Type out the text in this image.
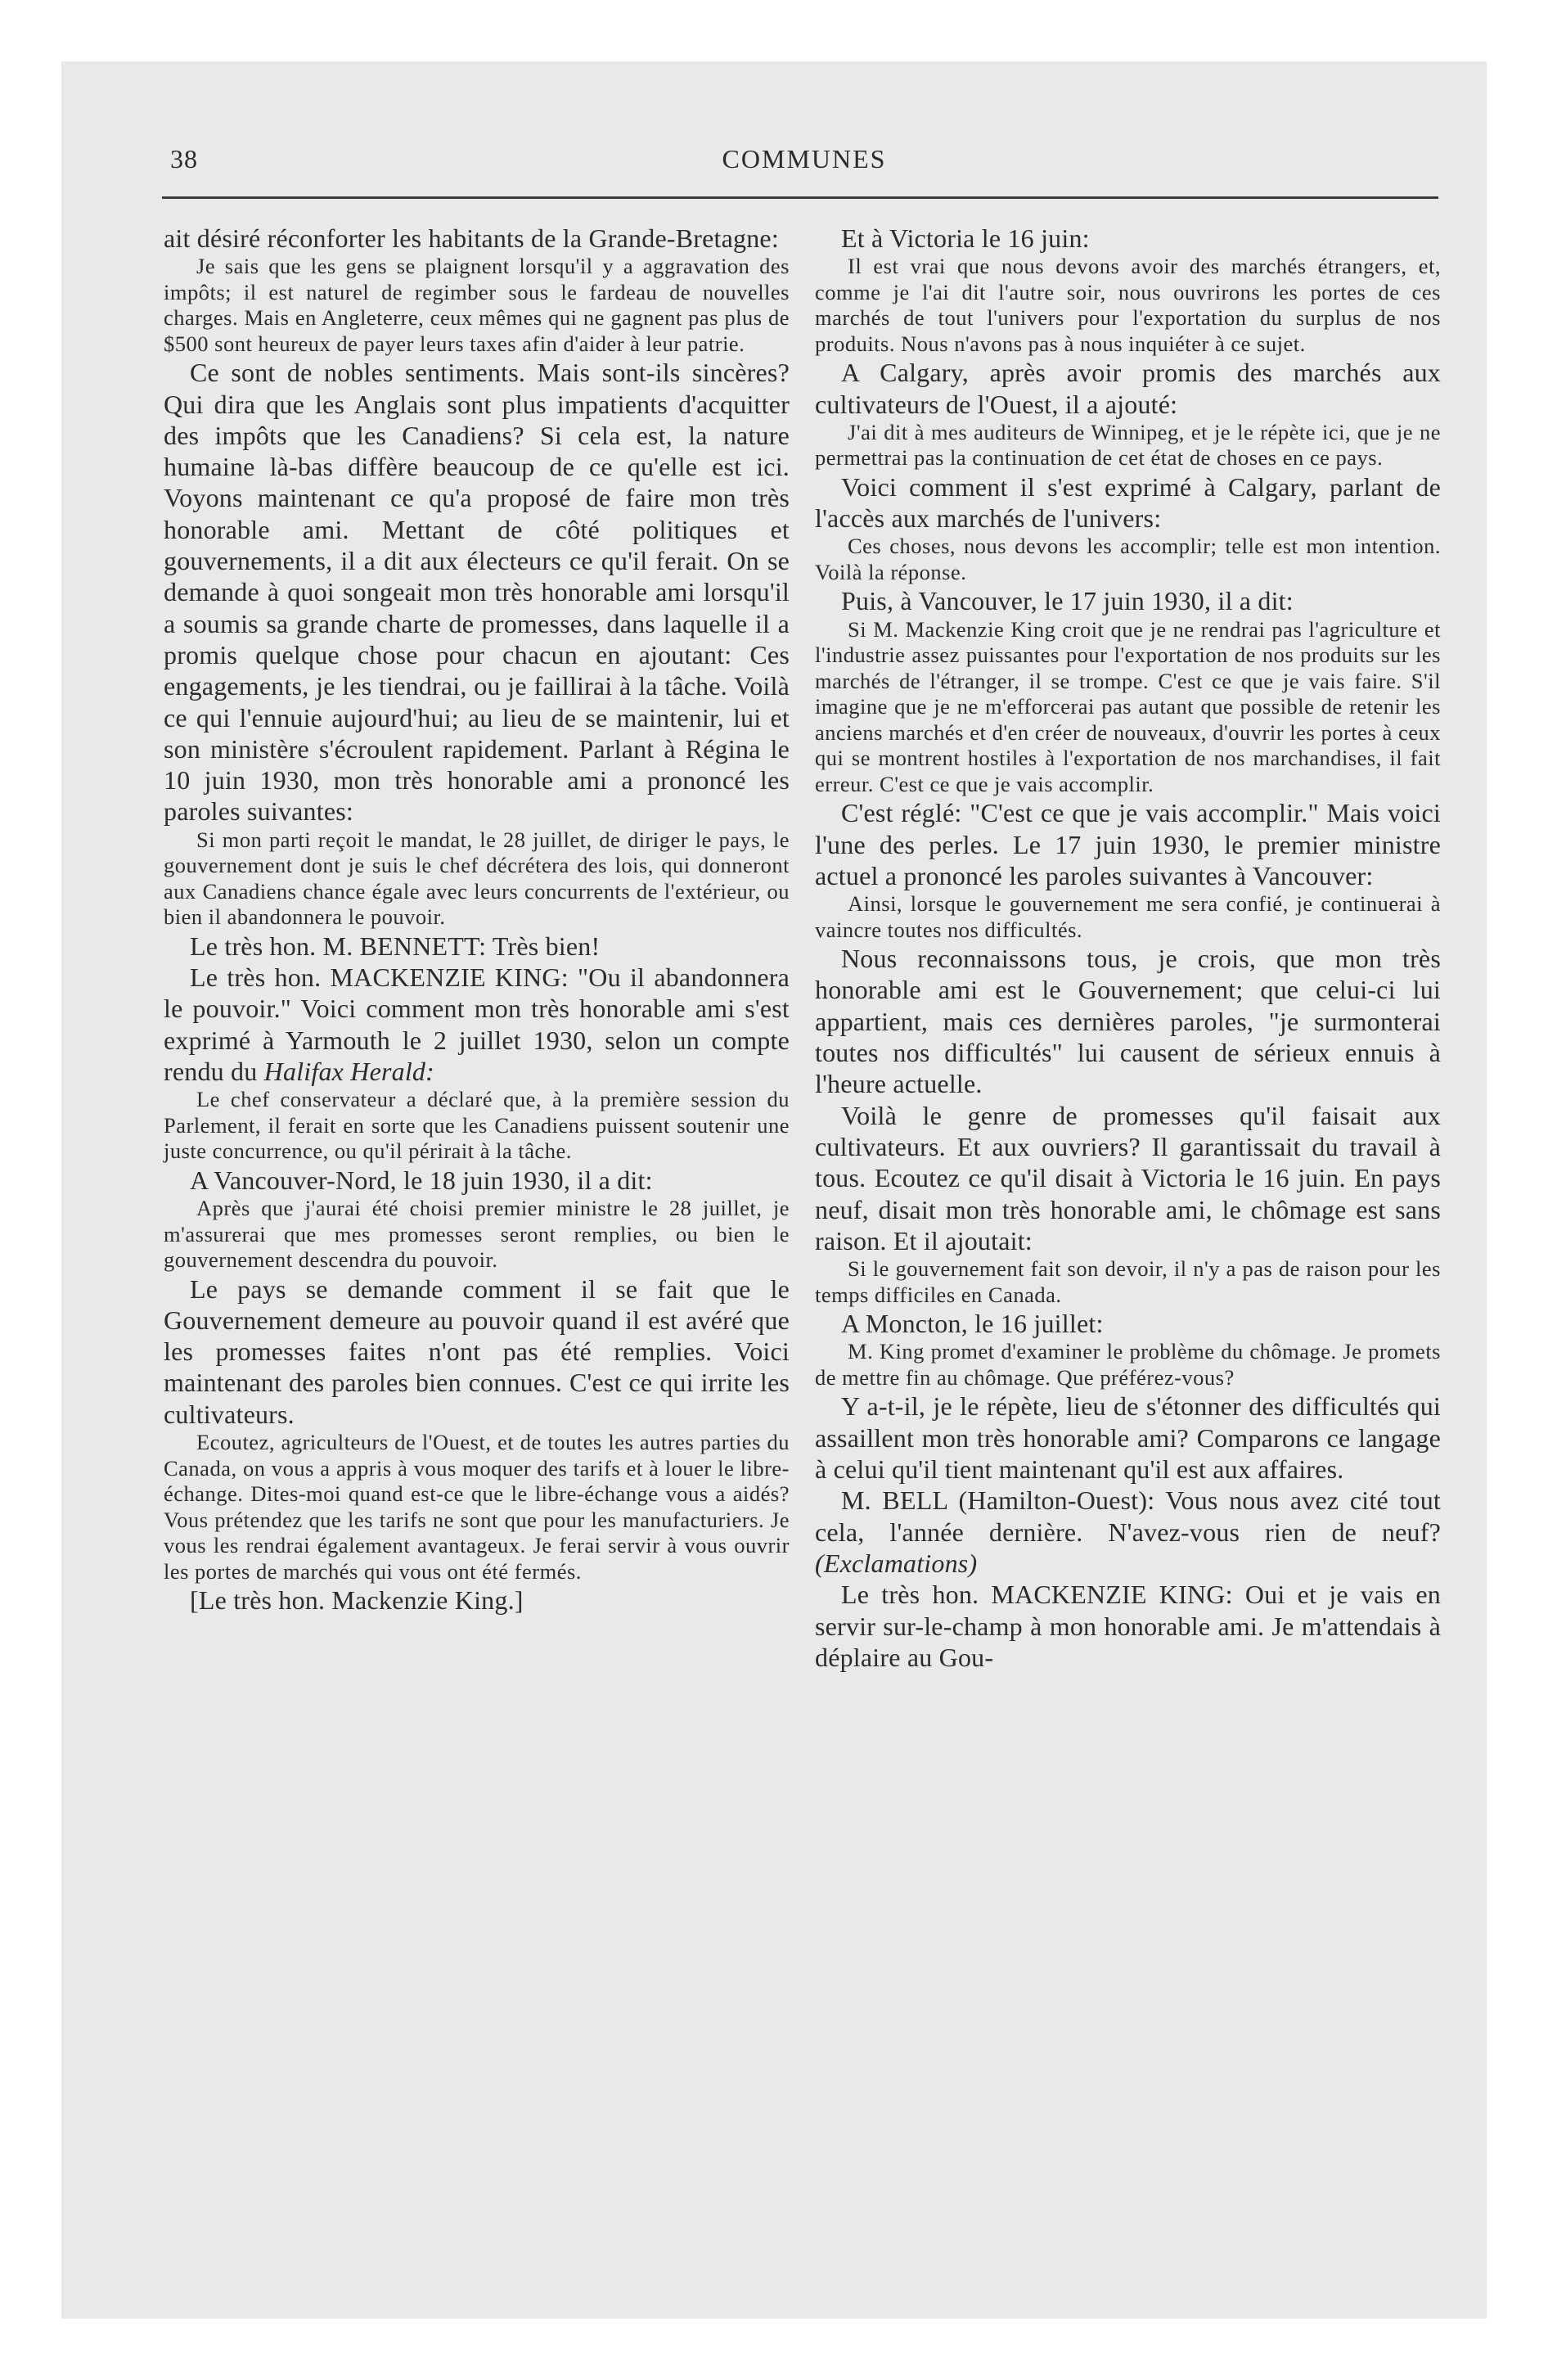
38	COMMUNES

ait désiré réconforter les habitants de la Grande-Bretagne:

Je sais que les gens se plaignent lorsqu'il y a aggravation des impôts; il est naturel de regimber sous le fardeau de nouvelles charges. Mais en Angleterre, ceux mêmes qui ne gagnent pas plus de $500 sont heureux de payer leurs taxes afin d'aider à leur patrie.

Ce sont de nobles sentiments. Mais sont-ils sincères? Qui dira que les Anglais sont plus impatients d'acquitter des impôts que les Canadiens? Si cela est, la nature humaine là-bas diffère beaucoup de ce qu'elle est ici. Voyons maintenant ce qu'a proposé de faire mon très honorable ami. Mettant de côté politiques et gouvernements, il a dit aux électeurs ce qu'il ferait. On se demande à quoi songeait mon très honorable ami lorsqu'il a soumis sa grande charte de promesses, dans laquelle il a promis quelque chose pour chacun en ajoutant: Ces engagements, je les tiendrai, ou je faillirai à la tâche. Voilà ce qui l'ennuie aujourd'hui; au lieu de se maintenir, lui et son ministère s'écroulent rapidement. Parlant à Régina le 10 juin 1930, mon très honorable ami a prononcé les paroles suivantes:

Si mon parti reçoit le mandat, le 28 juillet, de diriger le pays, le gouvernement dont je suis le chef décrétera des lois, qui donneront aux Canadiens chance égale avec leurs concurrents de l'extérieur, ou bien il abandonnera le pouvoir.

Le très hon. M. BENNETT: Très bien!

Le très hon. MACKENZIE KING: "Ou il abandonnera le pouvoir." Voici comment mon très honorable ami s'est exprimé à Yarmouth le 2 juillet 1930, selon un compte rendu du Halifax Herald:

Le chef conservateur a déclaré que, à la première session du Parlement, il ferait en sorte que les Canadiens puissent soutenir une juste concurrence, ou qu'il périrait à la tâche.

A Vancouver-Nord, le 18 juin 1930, il a dit:

Après que j'aurai été choisi premier ministre le 28 juillet, je m'assurerai que mes promesses seront remplies, ou bien le gouvernement descendra du pouvoir.

Le pays se demande comment il se fait que le Gouvernement demeure au pouvoir quand il est avéré que les promesses faites n'ont pas été remplies. Voici maintenant des paroles bien connues. C'est ce qui irrite les cultivateurs.

Ecoutez, agriculteurs de l'Ouest, et de toutes les autres parties du Canada, on vous a appris à vous moquer des tarifs et à louer le libre-échange. Dites-moi quand est-ce que le libre-échange vous a aidés? Vous prétendez que les tarifs ne sont que pour les manufacturiers. Je vous les rendrai également avantageux. Je ferai servir à vous ouvrir les portes de marchés qui vous ont été fermés.

[Le très hon. Mackenzie King.]

Et à Victoria le 16 juin:

Il est vrai que nous devons avoir des marchés étrangers, et, comme je l'ai dit l'autre soir, nous ouvrirons les portes de ces marchés de tout l'univers pour l'exportation du surplus de nos produits. Nous n'avons pas à nous inquiéter à ce sujet.

A Calgary, après avoir promis des marchés aux cultivateurs de l'Ouest, il a ajouté:

J'ai dit à mes auditeurs de Winnipeg, et je le répète ici, que je ne permettrai pas la continuation de cet état de choses en ce pays.

Voici comment il s'est exprimé à Calgary, parlant de l'accès aux marchés de l'univers:

Ces choses, nous devons les accomplir; telle est mon intention. Voilà la réponse.

Puis, à Vancouver, le 17 juin 1930, il a dit:

Si M. Mackenzie King croit que je ne rendrai pas l'agriculture et l'industrie assez puissantes pour l'exportation de nos produits sur les marchés de l'étranger, il se trompe. C'est ce que je vais faire. S'il imagine que je ne m'efforcerai pas autant que possible de retenir les anciens marchés et d'en créer de nouveaux, d'ouvrir les portes à ceux qui se montrent hostiles à l'exportation de nos marchandises, il fait erreur. C'est ce que je vais accomplir.

C'est réglé: "C'est ce que je vais accomplir." Mais voici l'une des perles. Le 17 juin 1930, le premier ministre actuel a prononcé les paroles suivantes à Vancouver:

Ainsi, lorsque le gouvernement me sera confié, je continuerai à vaincre toutes nos difficultés.

Nous reconnaissons tous, je crois, que mon très honorable ami est le Gouvernement; que celui-ci lui appartient, mais ces dernières paroles, "je surmonterai toutes nos difficultés" lui causent de sérieux ennuis à l'heure actuelle.

Voilà le genre de promesses qu'il faisait aux cultivateurs. Et aux ouvriers? Il garantissait du travail à tous. Ecoutez ce qu'il disait à Victoria le 16 juin. En pays neuf, disait mon très honorable ami, le chômage est sans raison. Et il ajoutait:

Si le gouvernement fait son devoir, il n'y a pas de raison pour les temps difficiles en Canada.

A Moncton, le 16 juillet:

M. King promet d'examiner le problème du chômage. Je promets de mettre fin au chômage. Que préférez-vous?

Y a-t-il, je le répète, lieu de s'étonner des difficultés qui assaillent mon très honorable ami? Comparons ce langage à celui qu'il tient maintenant qu'il est aux affaires.

M. BELL (Hamilton-Ouest): Vous nous avez cité tout cela, l'année dernière. N'avez-vous rien de neuf? (Exclamations)

Le très hon. MACKENZIE KING: Oui et je vais en servir sur-le-champ à mon honorable ami. Je m'attendais à déplaire au Gou-
